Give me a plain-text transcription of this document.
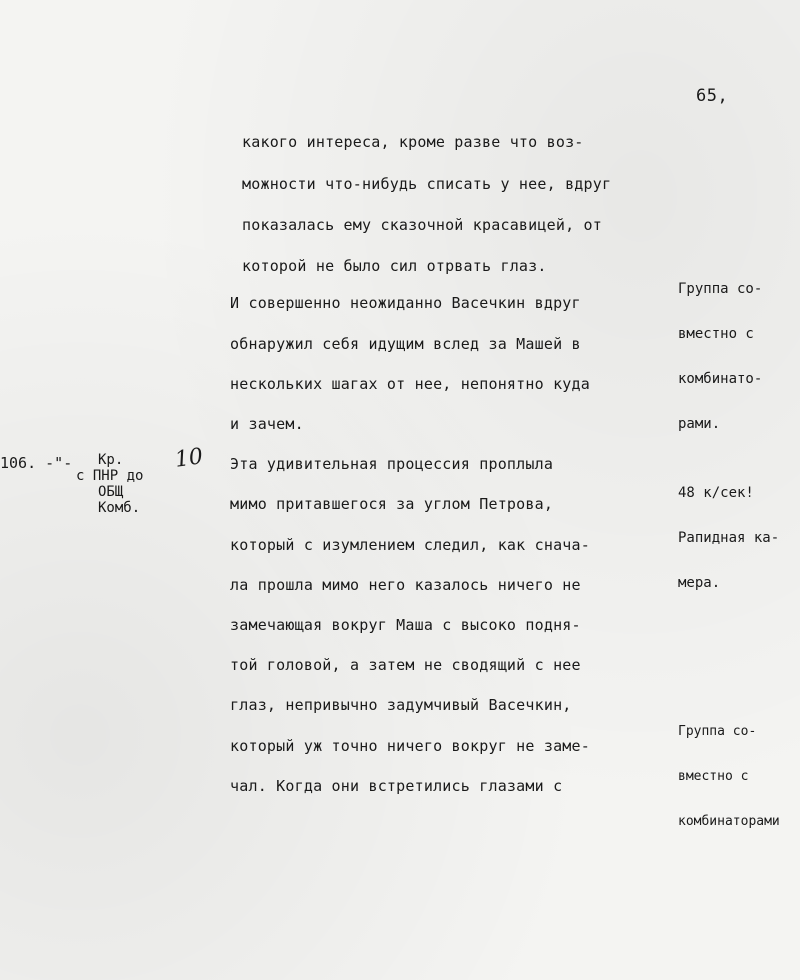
65,
какого интереса, кроме разве что воз-
можности что-нибудь списать у нее, вдруг
показалась ему сказочной красавицей, от
которой не было сил отрвать глаз.
И совершенно неожиданно Васечкин вдруг
обнаружил себя идущим вслед за Машей в
нескольких шагах от нее, непонятно куда
и зачем.
Эта удивительная процессия проплыла
мимо притавшегося за углом Петрова,
который с изумлением следил, как снача-
ла прошла мимо него казалось ничего не
замечающая вокруг Маша с высоко подня-
той головой, а затем не сводящий с нее
глаз, непривычно задумчивый Васечкин,
который уж точно ничего вокруг не заме-
чал. Когда они встретились глазами с
106. -"- Кр.
с ПНР до
ОБЩ
Комб.
10

Группа со-

вместно с

комбинато-

рами.

48 к/сек!

Рапидная ка-

мера.

Группа со-

вместно с

комбинаторами
